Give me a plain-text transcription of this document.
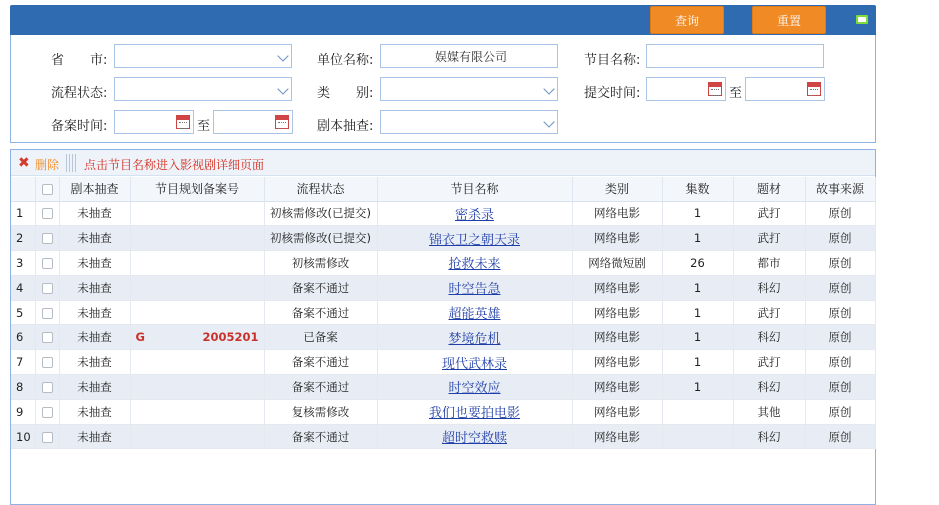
查询	重置
省　　市:	单位名称:	娱媒有限公司	节目名称:
流程状态:	类　　别:	提交时间:	至
备案时间:	至	剧本抽查:
✖ 删除 点击节目名称进入影视剧详细页面
		剧本抽查	节目规划备案号	流程状态	节目名称	类别	集数	题材	故事来源
1		未抽查		初核需修改(已提交)	密杀录	网络电影	1	武打	原创
2		未抽查		初核需修改(已提交)	锦衣卫之朝天录	网络电影	1	武打	原创
3		未抽查		初核需修改	抢救未来	网络微短剧	26	都市	原创
4		未抽查		备案不通过	时空告急	网络电影	1	科幻	原创
5		未抽查		备案不通过	超能英雄	网络电影	1	武打	原创
6		未抽查	G　　　　　2005201	已备案	梦境危机	网络电影	1	科幻	原创
7		未抽查		备案不通过	现代武林录	网络电影	1	武打	原创
8		未抽查		备案不通过	时空效应	网络电影	1	科幻	原创
9		未抽查		复核需修改	我们也要拍电影	网络电影		其他	原创
10		未抽查		备案不通过	超时空救赎	网络电影		科幻	原创
